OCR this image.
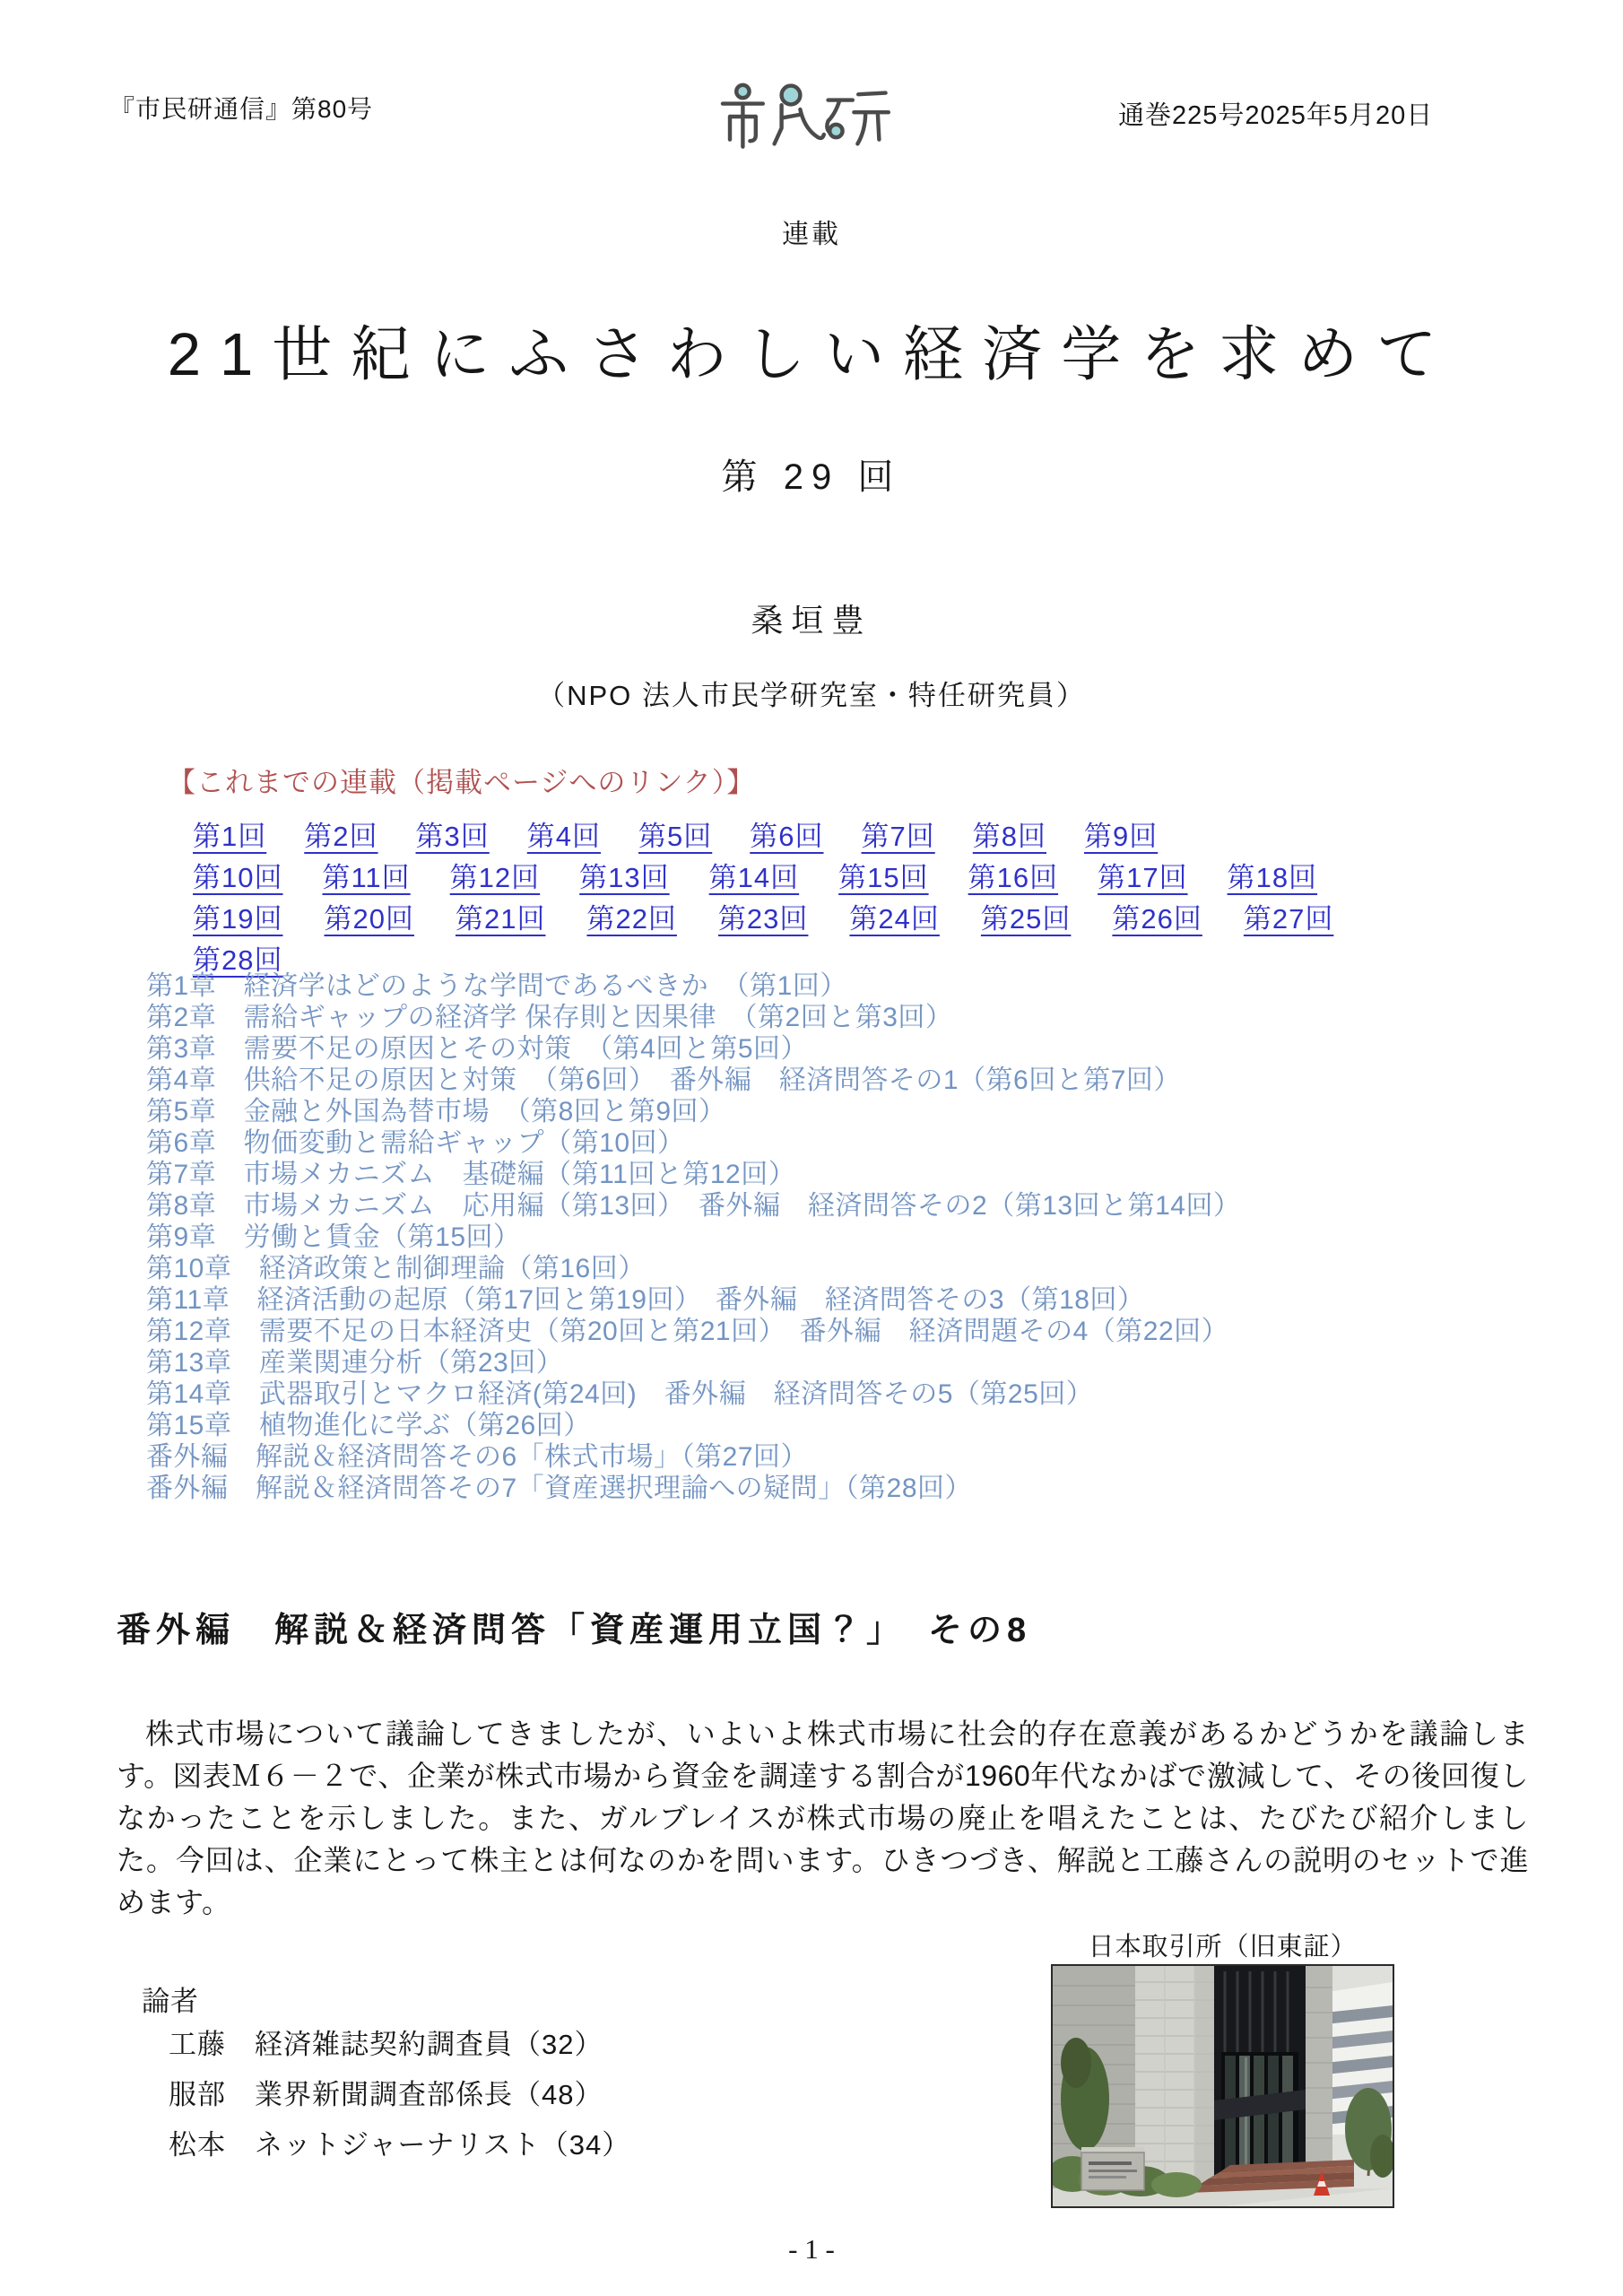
『市民研通信』第80号	通巻225号2025年5月20日
連載
21世紀にふさわしい経済学を求めて
第 29 回
桑垣豊
（NPO 法人市民学研究室・特任研究員）
【これまでの連載（掲載ページへのリンク）】
第1回 第2回 第3回 第4回 第5回 第6回 第7回 第8回 第9回
第10回 第11回 第12回 第13回 第14回 第15回 第16回 第17回 第18回
第19回 第20回 第21回 第22回 第23回 第24回 第25回 第26回 第27回
第28回
第1章　経済学はどのような学問であるべきか　（第1回）
第2章　需給ギャップの経済学 保存則と因果律　（第2回と第3回）
第3章　需要不足の原因とその対策　（第4回と第5回）
第4章　供給不足の原因と対策　（第6回）　番外編　経済問答その1（第6回と第7回）
第5章　金融と外国為替市場　（第8回と第9回）
第6章　物価変動と需給ギャップ（第10回）
第7章　市場メカニズム　基礎編（第11回と第12回）
第8章　市場メカニズム　応用編（第13回）　番外編　経済問答その2（第13回と第14回）
第9章　労働と賃金（第15回）
第10章　経済政策と制御理論（第16回）
第11章　経済活動の起原（第17回と第19回）　番外編　経済問答その3（第18回）
第12章　需要不足の日本経済史（第20回と第21回）　番外編　経済問題その4（第22回）
第13章　産業関連分析（第23回）
第14章　武器取引とマクロ経済(第24回)　番外編　経済問答その5（第25回）
第15章　植物進化に学ぶ（第26回）
番外編　解説＆経済問答その6「株式市場」（第27回）
番外編　解説＆経済問答その7「資産選択理論への疑問」（第28回）
番外編　解説＆経済問答「資産運用立国？」　その8

株式市場について議論してきましたが、いよいよ株式市場に社会的存在意義があるかどうかを議論します。図表Ｍ６－２で、企業が株式市場から資金を調達する割合が1960年代なかばで激減して、その後回復しなかったことを示しました。また、ガルブレイスが株式市場の廃止を唱えたことは、たびたび紹介しました。今回は、企業にとって株主とは何なのかを問います。ひきつづき、解説と工藤さんの説明のセットで進めます。

日本取引所（旧東証）
論者
工藤　経済雑誌契約調査員（32）
服部　業界新聞調査部係長（48）
松本　ネットジャーナリスト（34）
- 1 -
